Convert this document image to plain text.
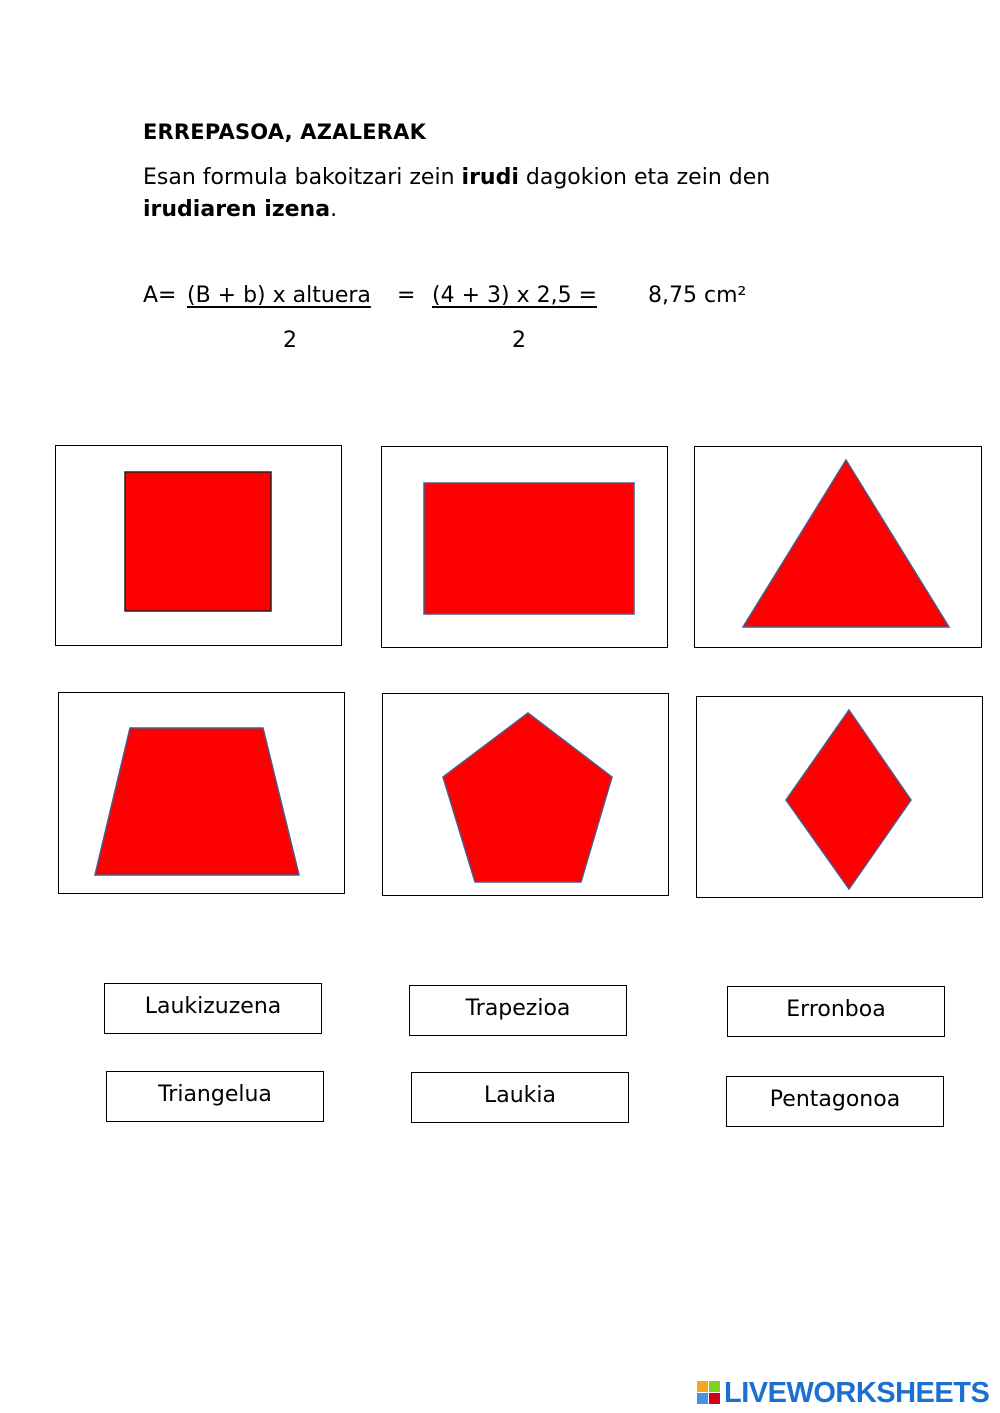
ERREPASOA, AZALERAK
Esan formula bakoitzari zein irudi dagokion eta zein den
irudiaren izena.
A= (B + b) x altuera = (4 + 3) x 2,5 = 8,75 cm²
2	2
Laukizuzena	Trapezioa	Erronboa
Triangelua	Laukia	Pentagonoa
LIVEWORKSHEETS
